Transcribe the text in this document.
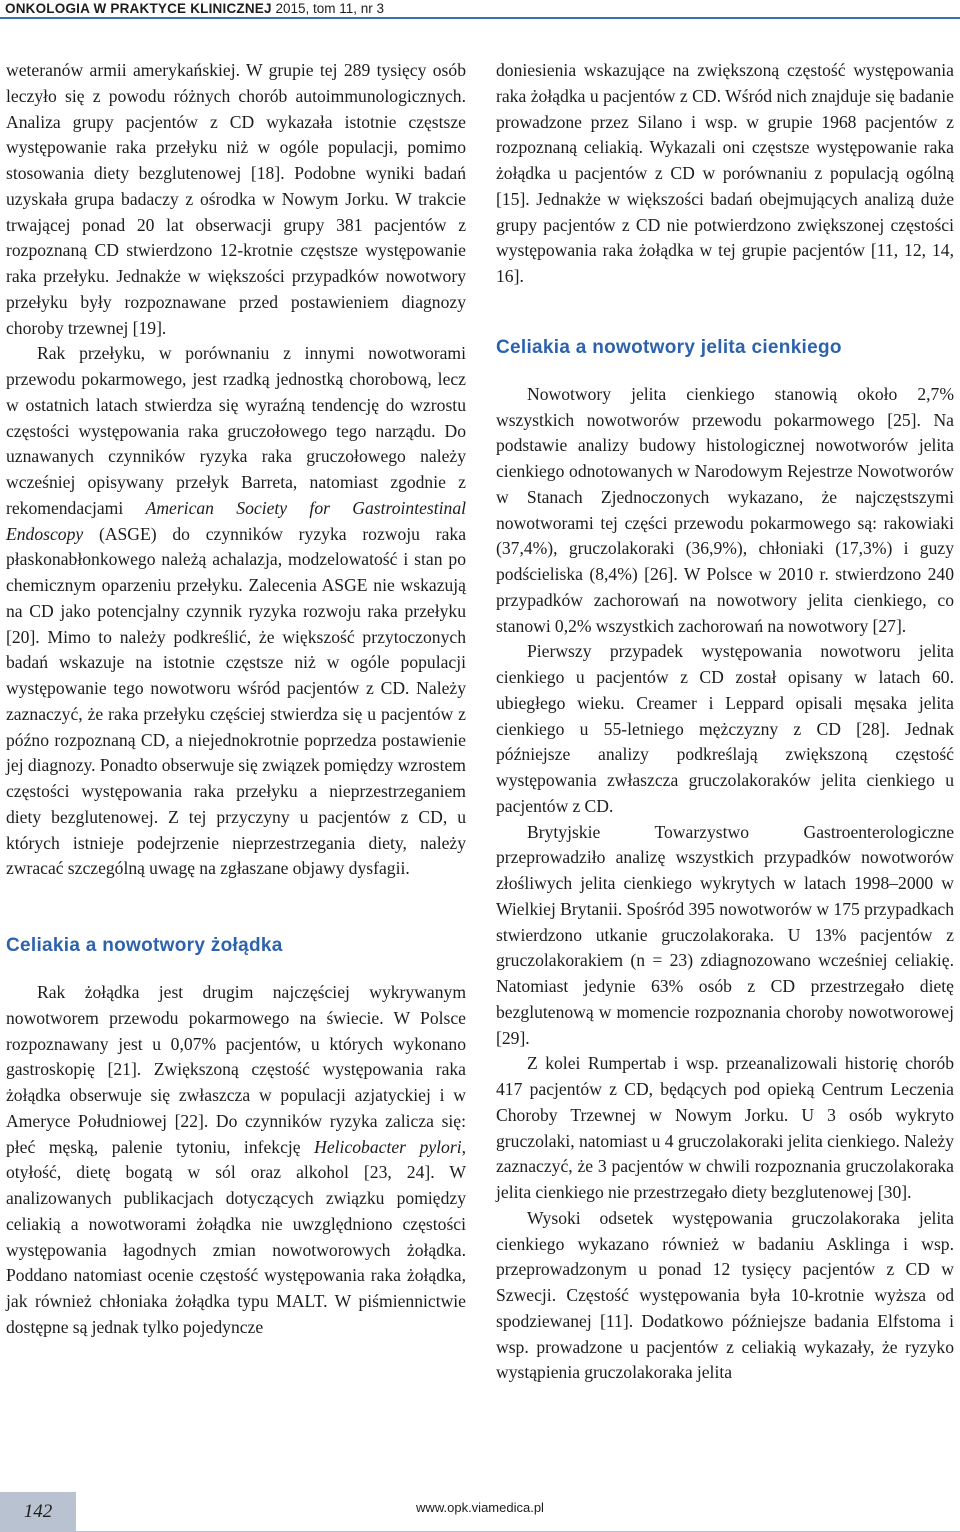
ONKOLOGIA W PRAKTYCE KLINICZNEJ 2015, tom 11, nr 3

weteranów armii amerykańskiej. W grupie tej 289 tysięcy osób leczyło się z powodu różnych chorób autoimmunologicznych. Analiza grupy pacjentów z CD wykazała istotnie częstsze występowanie raka przełyku niż w ogóle populacji, pomimo stosowania diety bezglutenowej [18]. Podobne wyniki badań uzyskała grupa badaczy z ośrodka w Nowym Jorku. W trakcie trwającej ponad 20 lat obserwacji grupy 381 pacjentów z rozpoznaną CD stwierdzono 12-krotnie częstsze występowanie raka przełyku. Jednakże w większości przypadków nowotwory przełyku były rozpoznawane przed postawieniem diagnozy choroby trzewnej [19].

Rak przełyku, w porównaniu z innymi nowotworami przewodu pokarmowego, jest rzadką jednostką chorobową, lecz w ostatnich latach stwierdza się wyraźną tendencję do wzrostu częstości występowania raka gruczołowego tego narządu. Do uznawanych czynników ryzyka raka gruczołowego należy wcześniej opisywany przełyk Barreta, natomiast zgodnie z rekomendacjami American Society for Gastrointestinal Endoscopy (ASGE) do czynników ryzyka rozwoju raka płaskonabłonkowego należą achalazja, modzelowatość i stan po chemicznym oparzeniu przełyku. Zalecenia ASGE nie wskazują na CD jako potencjalny czynnik ryzyka rozwoju raka przełyku [20]. Mimo to należy podkreślić, że większość przytoczonych badań wskazuje na istotnie częstsze niż w ogóle populacji występowanie tego nowotworu wśród pacjentów z CD. Należy zaznaczyć, że raka przełyku częściej stwierdza się u pacjentów z późno rozpoznaną CD, a niejednokrotnie poprzedza postawienie jej diagnozy. Ponadto obserwuje się związek pomiędzy wzrostem częstości występowania raka przełyku a nieprzestrzeganiem diety bezglutenowej. Z tej przyczyny u pacjentów z CD, u których istnieje podejrzenie nieprzestrzegania diety, należy zwracać szczególną uwagę na zgłaszane objawy dysfagii.

Celiakia a nowotwory żołądka

Rak żołądka jest drugim najczęściej wykrywanym nowotworem przewodu pokarmowego na świecie. W Polsce rozpoznawany jest u 0,07% pacjentów, u których wykonano gastroskopię [21]. Zwiększoną częstość występowania raka żołądka obserwuje się zwłaszcza w populacji azjatyckiej i w Ameryce Południowej [22]. Do czynników ryzyka zalicza się: płeć męską, palenie tytoniu, infekcję Helicobacter pylori, otyłość, dietę bogatą w sól oraz alkohol [23, 24]. W analizowanych publikacjach dotyczących związku pomiędzy celiakią a nowotworami żołądka nie uwzględniono częstości występowania łagodnych zmian nowotworowych żołądka. Poddano natomiast ocenie częstość występowania raka żołądka, jak również chłoniaka żołądka typu MALT. W piśmiennictwie dostępne są jednak tylko pojedyncze

doniesienia wskazujące na zwiększoną częstość występowania raka żołądka u pacjentów z CD. Wśród nich znajduje się badanie prowadzone przez Silano i wsp. w grupie 1968 pacjentów z rozpoznaną celiakią. Wykazali oni częstsze występowanie raka żołądka u pacjentów z CD w porównaniu z populacją ogólną [15]. Jednakże w większości badań obejmujących analizą duże grupy pacjentów z CD nie potwierdzono zwiększonej częstości występowania raka żołądka w tej grupie pacjentów [11, 12, 14, 16].

Celiakia a nowotwory jelita cienkiego

Nowotwory jelita cienkiego stanowią około 2,7% wszystkich nowotworów przewodu pokarmowego [25]. Na podstawie analizy budowy histologicznej nowotworów jelita cienkiego odnotowanych w Narodowym Rejestrze Nowotworów w Stanach Zjednoczonych wykazano, że najczęstszymi nowotworami tej części przewodu pokarmowego są: rakowiaki (37,4%), gruczolakoraki (36,9%), chłoniaki (17,3%) i guzy podścieliska (8,4%) [26]. W Polsce w 2010 r. stwierdzono 240 przypadków zachorowań na nowotwory jelita cienkiego, co stanowi 0,2% wszystkich zachorowań na nowotwory [27].

Pierwszy przypadek występowania nowotworu jelita cienkiego u pacjentów z CD został opisany w latach 60. ubiegłego wieku. Creamer i Leppard opisali męsaka jelita cienkiego u 55-letniego mężczyzny z CD [28]. Jednak późniejsze analizy podkreślają zwiększoną częstość występowania zwłaszcza gruczolakoraków jelita cienkiego u pacjentów z CD.

Brytyjskie Towarzystwo Gastroenterologiczne przeprowadziło analizę wszystkich przypadków nowotworów złośliwych jelita cienkiego wykrytych w latach 1998–2000 w Wielkiej Brytanii. Spośród 395 nowotworów w 175 przypadkach stwierdzono utkanie gruczolakoraka. U 13% pacjentów z gruczolakorakiem (n = 23) zdiagnozowano wcześniej celiakię. Natomiast jedynie 63% osób z CD przestrzegało dietę bezglutenową w momencie rozpoznania choroby nowotworowej [29].

Z kolei Rumpertab i wsp. przeanalizowali historię chorób 417 pacjentów z CD, będących pod opieką Centrum Leczenia Choroby Trzewnej w Nowym Jorku. U 3 osób wykryto gruczolaki, natomiast u 4 gruczolakoraki jelita cienkiego. Należy zaznaczyć, że 3 pacjentów w chwili rozpoznania gruczolakoraka jelita cienkiego nie przestrzegało diety bezglutenowej [30].

Wysoki odsetek występowania gruczolakoraka jelita cienkiego wykazano również w badaniu Asklinga i wsp. przeprowadzonym u ponad 12 tysięcy pacjentów z CD w Szwecji. Częstość występowania była 10-krotnie wyższa od spodziewanej [11]. Dodatkowo późniejsze badania Elfstoma i wsp. prowadzone u pacjentów z celiakią wykazały, że ryzyko wystąpienia gruczolakoraka jelita

142	www.opk.viamedica.pl
